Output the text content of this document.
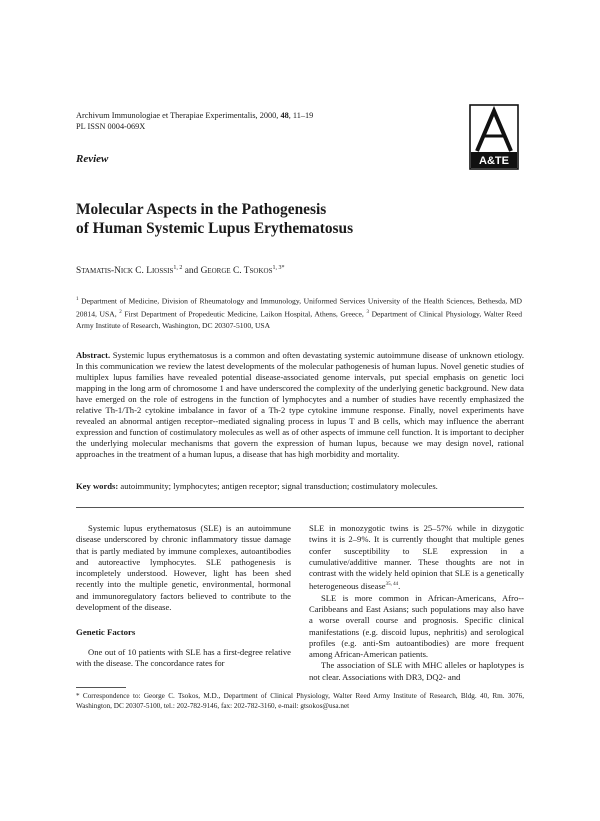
Archivum Immunologiae et Therapiae Experimentalis, 2000, 48, 11–19
PL ISSN 0004-069X
A&TE
Review
Molecular Aspects in the Pathogenesis
of Human Systemic Lupus Erythematosus
Stamatis-Nick C. Liossis$^{1, 2}$ and George C. Tsokos$^{1, 3*}$
$^1$ Department of Medicine, Division of Rheumatology and Immunology, Uniformed Services University of the Health Sciences, Bethesda, MD 20814, USA, $^2$ First Department of Propedeutic Medicine, Laikon Hospital, Athens, Greece, $^3$ Department of Clinical Physiology, Walter Reed Army Institute of Research, Washington, DC 20307-5100, USA
Abstract. Systemic lupus erythematosus is a common and often devastating systemic autoimmune disease of unknown etiology. In this communication we review the latest developments of the molecular pathogenesis of human lupus. Novel genetic studies of multiplex lupus families have revealed potential disease-associated genome intervals, put special emphasis on genetic loci mapping in the long arm of chromosome 1 and have underscored the complexity of the underlying genetic background. New data have emerged on the role of estrogens in the function of lymphocytes and a number of studies have recently emphasized the relative Th-1/Th-2 cytokine imbalance in favor of a Th-2 type cytokine immune response. Finally, novel experiments have revealed an abnormal antigen receptor--mediated signaling process in lupus T and B cells, which may influence the aberrant expression and function of costimulatory molecules as well as of other aspects of immune cell function. It is important to decipher the underlying molecular mechanisms that govern the expression of human lupus, because we may design novel, rational approaches in the treatment of a human lupus, a disease that has high morbidity and mortality.
Key words: autoimmunity; lymphocytes; antigen receptor; signal transduction; costimulatory molecules.

Systemic lupus erythematosus (SLE) is an autoimmune disease underscored by chronic inflammatory tissue damage that is partly mediated by immune complexes, autoantibodies and autoreactive lymphocytes. SLE pathogenesis is incompletely understood. However, light has been shed recently into the multiple genetic, environmental, hormonal and immunoregulatory factors believed to contribute to the development of the disease.

Genetic Factors

One out of 10 patients with SLE has a first-degree relative with the disease. The concordance rates for

SLE in monozygotic twins is 25–57% while in dizygotic twins it is 2–9%. It is currently thought that multiple genes confer susceptibility to SLE expression in a cumulative/additive manner. These thoughts are not in contrast with the widely held opinion that SLE is a genetically heterogeneous disease$^{35, 44}$.

SLE is more common in African-Americans, Afro--Caribbeans and East Asians; such populations may also have a worse overall course and prognosis. Specific clinical manifestations (e.g. discoid lupus, nephritis) and serological profiles (e.g. anti-Sm autoantibodies) are more frequent among African-American patients.

The association of SLE with MHC alleles or haplotypes is not clear. Associations with DR3, DQ2- and

* Correspondence to: George C. Tsokos, M.D., Department of Clinical Physiology, Walter Reed Army Institute of Research, Bldg. 40, Rm. 3076, Washington, DC 20307-5100, tel.: 202-782-9146, fax: 202-782-3160, e-mail: gtsokos@usa.net
